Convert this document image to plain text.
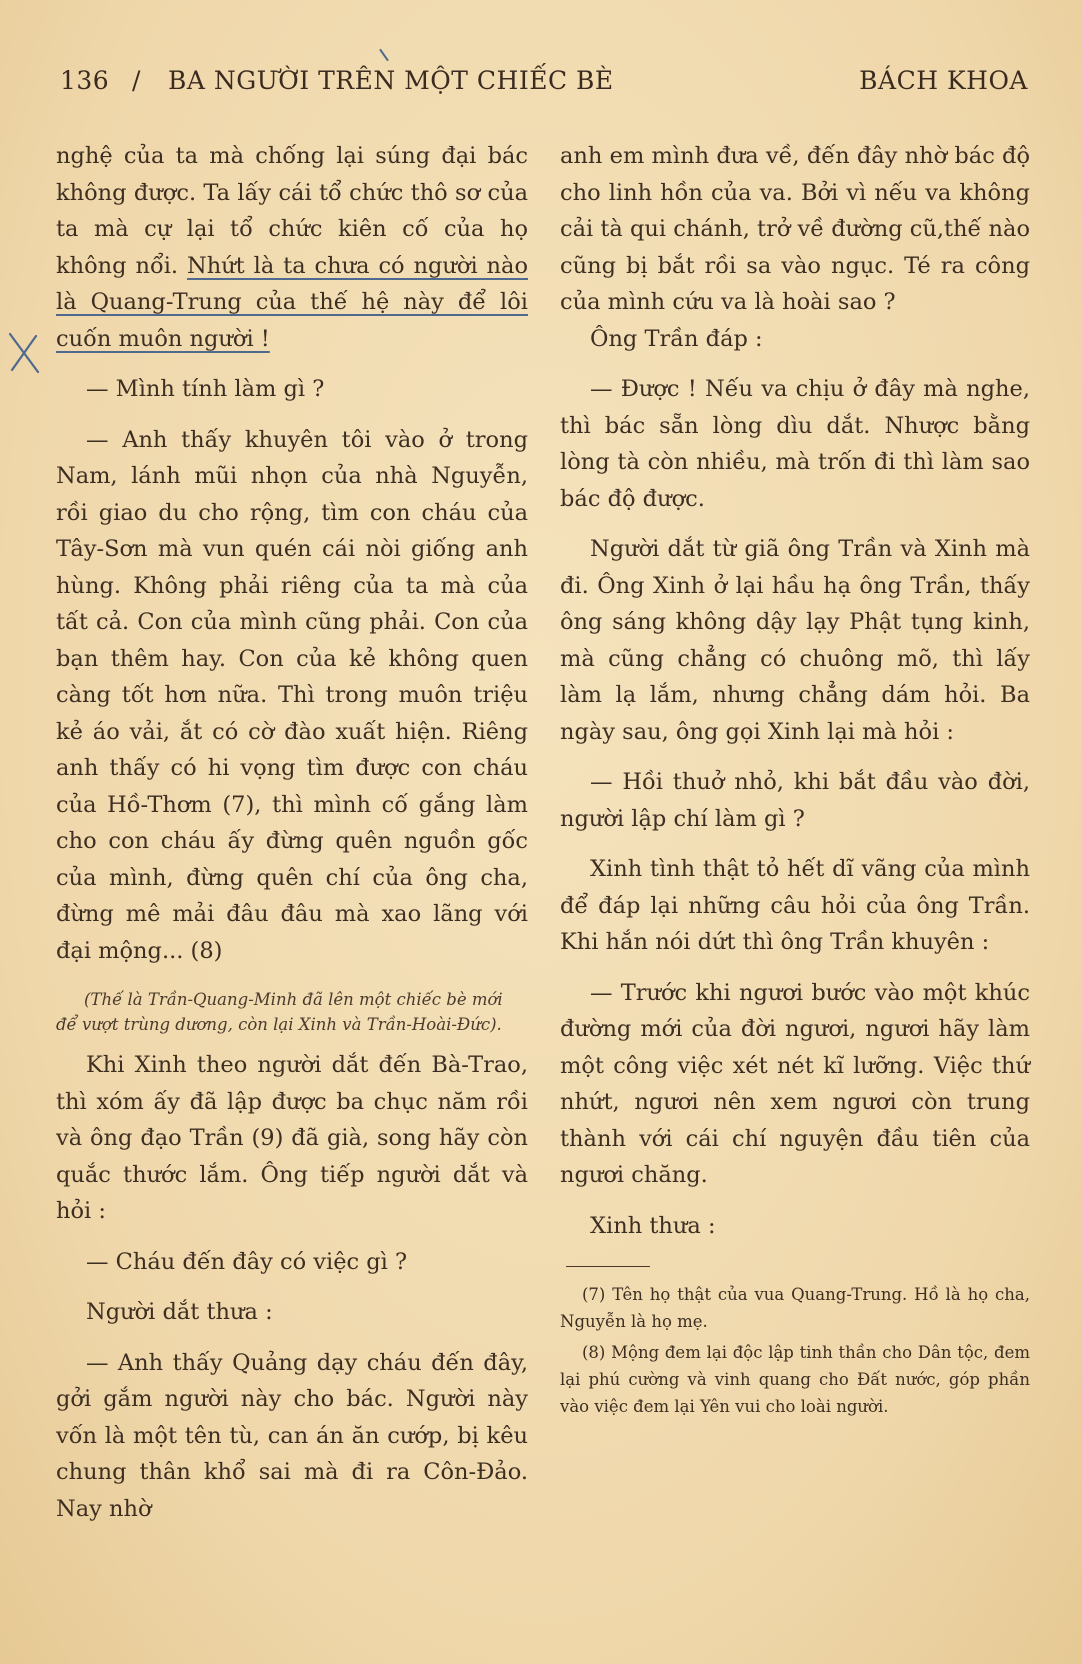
136 / BA NGƯỜI TRÊN MỘT CHIẾC BÈ	BÁCH KHOA

nghệ của ta mà chống lại súng đại bác không được. Ta lấy cái tổ chức thô sơ của ta mà cự lại tổ chức kiên cố của họ không nổi. Nhứt là ta chưa có người nào là Quang-Trung của thế hệ này để lôi cuốn muôn người !

— Mình tính làm gì ?

— Anh thấy khuyên tôi vào ở trong Nam, lánh mũi nhọn của nhà Nguyễn, rồi giao du cho rộng, tìm con cháu của Tây-Sơn mà vun quén cái nòi giống anh hùng. Không phải riêng của ta mà của tất cả. Con của mình cũng phải. Con của bạn thêm hay. Con của kẻ không quen càng tốt hơn nữa. Thì trong muôn triệu kẻ áo vải, ắt có cờ đào xuất hiện. Riêng anh thấy có hi vọng tìm được con cháu của Hồ-Thơm (7), thì mình cố gắng làm cho con cháu ấy đừng quên nguồn gốc của mình, đừng quên chí của ông cha, đừng mê mải đâu đâu mà xao lãng với đại mộng... (8)

(Thế là Trần-Quang-Minh đã lên một chiếc bè mới để vượt trùng dương, còn lại Xinh và Trần-Hoài-Đức).

Khi Xinh theo người dắt đến Bà-Trao, thì xóm ấy đã lập được ba chục năm rồi và ông đạo Trần (9) đã già, song hãy còn quắc thước lắm. Ông tiếp người dắt và hỏi :

— Cháu đến đây có việc gì ?

Người dắt thưa :

— Anh thấy Quảng dạy cháu đến đây, gởi gắm người này cho bác. Người này vốn là một tên tù, can án ăn cướp, bị kêu chung thân khổ sai mà đi ra Côn-Đảo. Nay nhờ

anh em mình đưa về, đến đây nhờ bác độ cho linh hồn của va. Bởi vì nếu va không cải tà qui chánh, trở về đường cũ,thế nào cũng bị bắt rồi sa vào ngục. Té ra công của mình cứu va là hoài sao ?

Ông Trần đáp :

— Được ! Nếu va chịu ở đây mà nghe, thì bác sẵn lòng dìu dắt. Nhược bằng lòng tà còn nhiều, mà trốn đi thì làm sao bác độ được.

Người dắt từ giã ông Trần và Xinh mà đi. Ông Xinh ở lại hầu hạ ông Trần, thấy ông sáng không dậy lạy Phật tụng kinh, mà cũng chẳng có chuông mõ, thì lấy làm lạ lắm, nhưng chẳng dám hỏi. Ba ngày sau, ông gọi Xinh lại mà hỏi :

— Hồi thuở nhỏ, khi bắt đầu vào đời, người lập chí làm gì ?

Xinh tình thật tỏ hết dĩ vãng của mình để đáp lại những câu hỏi của ông Trần. Khi hắn nói dứt thì ông Trần khuyên :

— Trước khi ngươi bước vào một khúc đường mới của đời ngươi, ngươi hãy làm một công việc xét nét kĩ lưỡng. Việc thứ nhứt, ngươi nên xem ngươi còn trung thành với cái chí nguyện đầu tiên của ngươi chăng.

Xinh thưa :

(7) Tên họ thật của vua Quang-Trung. Hồ là họ cha, Nguyễn là họ mẹ.

(8) Mộng đem lại độc lập tinh thần cho Dân tộc, đem lại phú cường và vinh quang cho Đất nước, góp phần vào việc đem lại Yên vui cho loài người.
